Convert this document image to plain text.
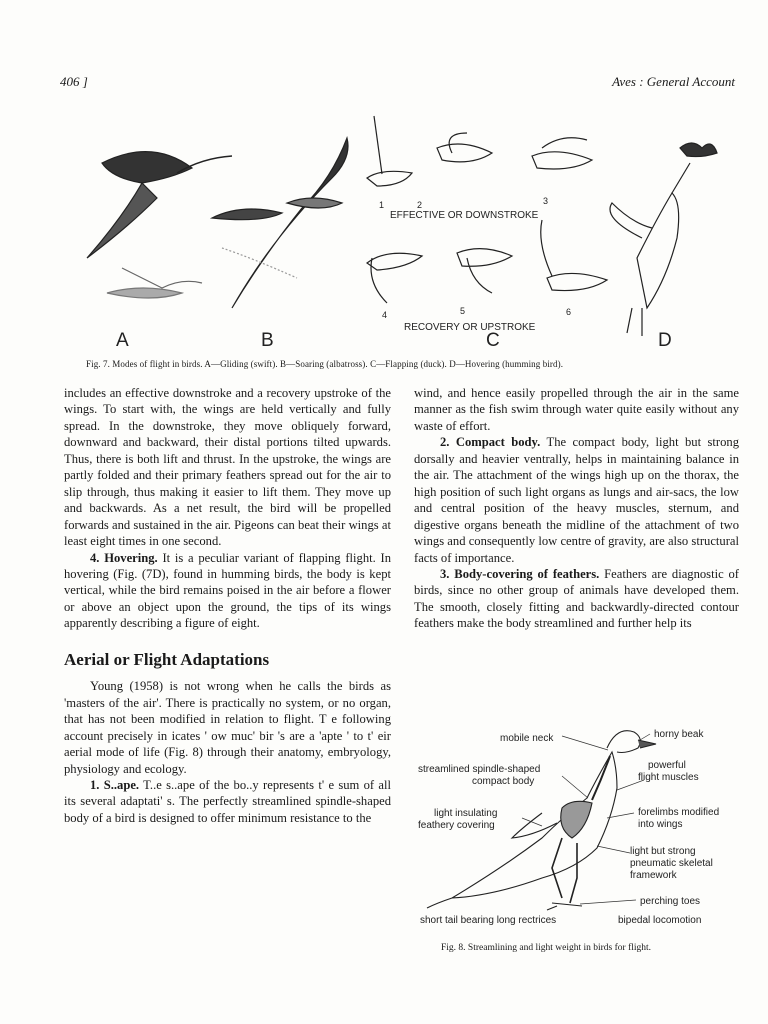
406 ]	Aves : General Account
1	2	3
4	5	6
EFFECTIVE OR DOWNSTROKE
RECOVERY OR UPSTROKE
A	B	C	D
Fig. 7. Modes of flight in birds. A—Gliding (swift). B—Soaring (albatross). C—Flapping (duck). D—Hovering (humming bird).

includes an effective downstroke and a recovery upstroke of the wings. To start with, the wings are held vertically and fully spread. In the downstroke, they move obliquely forward, downward and backward, their distal portions tilted upwards. Thus, there is both lift and thrust. In the upstroke, the wings are partly folded and their primary feathers spread out for the air to slip through, thus making it easier to lift them. They move up and backwards. As a net result, the bird will be propelled forwards and sustained in the air. Pigeons can beat their wings at least eight times in one second.

4. Hovering. It is a peculiar variant of flapping flight. In hovering (Fig. (7D), found in humming birds, the body is kept vertical, while the bird remains poised in the air before a flower or above an object upon the ground, the tips of its wings apparently describing a figure of eight.

Aerial or Flight Adaptations

Young (1958) is not wrong when he calls the birds as 'masters of the air'. There is practically no system, or no organ, that has not been modified in relation to flight. T e following account precisely in icates ' ow muc' bir 's are a 'apte ' to t' eir aerial mode of life (Fig. 8) through their anatomy, embryology, physiology and ecology.

1. S..ape. T..e s..ape of the bo..y represents t' e sum of all its several adaptati' s. The perfectly streamlined spindle-shaped body of a bird is designed to offer minimum resistance to the

wind, and hence easily propelled through the air in the same manner as the fish swim through water quite easily without any waste of effort.

2. Compact body. The compact body, light but strong dorsally and heavier ventrally, helps in maintaining balance in the air. The attachment of the wings high up on the thorax, the high position of such light organs as lungs and air-sacs, the low and central position of the heavy muscles, sternum, and digestive organs beneath the midline of the attachment of two wings and consequently low centre of gravity, are also structural facts of importance.

3. Body-covering of feathers. Feathers are diagnostic of birds, since no other group of animals have developed them. The smooth, closely fitting and backwardly-directed contour feathers make the body streamlined and further help its

mobile neck	horny beak
streamlined spindle-shaped
compact body
powerful
flight muscles
light insulating
feathery covering
forelimbs modified
into wings
light but strong
pneumatic skeletal
framework
perching toes
short tail bearing long rectrices	bipedal locomotion
Fig. 8. Streamlining and light weight in birds for flight.
